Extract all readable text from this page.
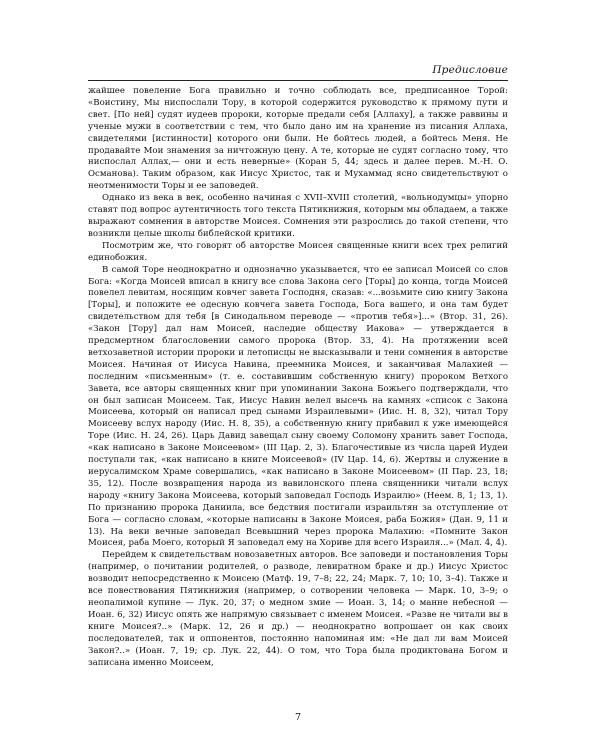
Предисловие

жайшее повеление Бога правильно и точно соблюдать все, предписанное Торой: «Воистину, Мы ниспослали Тору, в которой содержится руководство к прямому пути и свет. [По ней] судят иудеев пророки, которые предали себя [Аллаху], а также раввины и ученые мужи в соответствии с тем, что было дано им на хранение из писания Аллаха, свидетелями [истинности] которого они были. Не бойтесь людей, а бойтесь Меня. Не продавайте Мои знамения за ничтожную цену. А те, которые не судят согласно тому, что ниспослал Аллах,— они и есть неверные» (Коран 5, 44; здесь и далее перев. М.-Н. О. Османова). Таким образом, как Иисус Христос, так и Мухаммад ясно свидетельствуют о неотменимости Торы и ее заповедей.

Однако из века в век, особенно начиная с XVII–XVIII столетий, «вольнодумцы» упорно ставят под вопрос аутентичность того текста Пятикнижия, которым мы обладаем, а также выражают сомнения в авторстве Моисея. Сомнения эти разрослись до такой степени, что возникли целые школы библейской критики.

Посмотрим же, что говорят об авторстве Моисея священные книги всех трех религий единобожия.

В самой Торе неоднократно и однозначно указывается, что ее записал Моисей со слов Бога: «Когда Моисей вписал в книгу все слова Закона сего [Торы] до конца, тогда Моисей повелел левитам, носящим ковчег завета Господня, сказав: «...возьмите сию книгу Закона [Торы], и положите ее одесную ковчега завета Господа, Бога вашего, и она там будет свидетельством для тебя [в Синодальном переводе — «против тебя»]...» (Втор. 31, 26). «Закон [Тору] дал нам Моисей, наследие обществу Иакова» — утверждается в предсмертном благословении самого пророка (Втор. 33, 4). На протяжении всей ветхозаветной истории пророки и летописцы не высказывали и тени сомнения в авторстве Моисея. Начиная от Иисуса Навина, преемника Моисея, и заканчивая Малахией — последним «письменным» (т. е. составившим собственную книгу) пророком Ветхого Завета, все авторы священных книг при упоминании Закона Божьего подтверждали, что он был записан Моисеем. Так, Иисус Навин велел высечь на камнях «список с Закона Моисеева, который он написал пред сынами Израилевыми» (Иис. Н. 8, 32), читал Тору Моисееву вслух народу (Иис. Н. 8, 35), а собственную книгу прибавил к уже имеющейся Торе (Иис. Н. 24, 26). Царь Давид завещал сыну своему Соломону хранить завет Господа, «как написано в Законе Моисеевом» (III Цар. 2, 3). Благочестивые из числа царей Иудеи поступали так, «как написано в книге Моисеевой» (IV Цар. 14, 6). Жертвы и служение в иерусалимском Храме совершались, «как написано в Законе Моисеевом» (II Пар. 23, 18; 35, 12). После возвращения народа из вавилонского плена священники читали вслух народу «книгу Закона Моисеева, который заповедал Господь Израилю» (Неем. 8, 1; 13, 1). По признанию пророка Даниила, все бедствия постигали израильтян за отступление от Бога — согласно словам, «которые написаны в Законе Моисея, раба Божия» (Дан. 9, 11 и 13). На веки вечные заповедал Всевышний через пророка Малахию: «Помните Закон Моисея, раба Моего, который Я заповедал ему на Хориве для всего Израиля...» (Мал. 4, 4).

Перейдем к свидетельствам новозаветных авторов. Все заповеди и постановления Торы (например, о почитании родителей, о разводе, левиратном браке и др.) Иисус Христос возводит непосредственно к Моисею (Матф. 19, 7–8; 22, 24; Марк. 7, 10; 10, 3–4). Также и все повествования Пятикнижия (например, о сотворении человека — Марк. 10, 3–9; о неопалимой купине — Лук. 20, 37; о медном змие — Иоан. 3, 14; о манне небесной — Иоан. 6, 32) Иисус опять же напрямую связывает с именем Моисея. «Разве не читали вы в книге Моисея?..» (Марк. 12, 26 и др.) — неоднократно вопрошает он как своих последователей, так и оппонентов, постоянно напоминая им: «Не дал ли вам Моисей Закон?..» (Иоан. 7, 19; ср. Лук. 22, 44). О том, что Тора была продиктована Богом и записана именно Моисеем,

7
